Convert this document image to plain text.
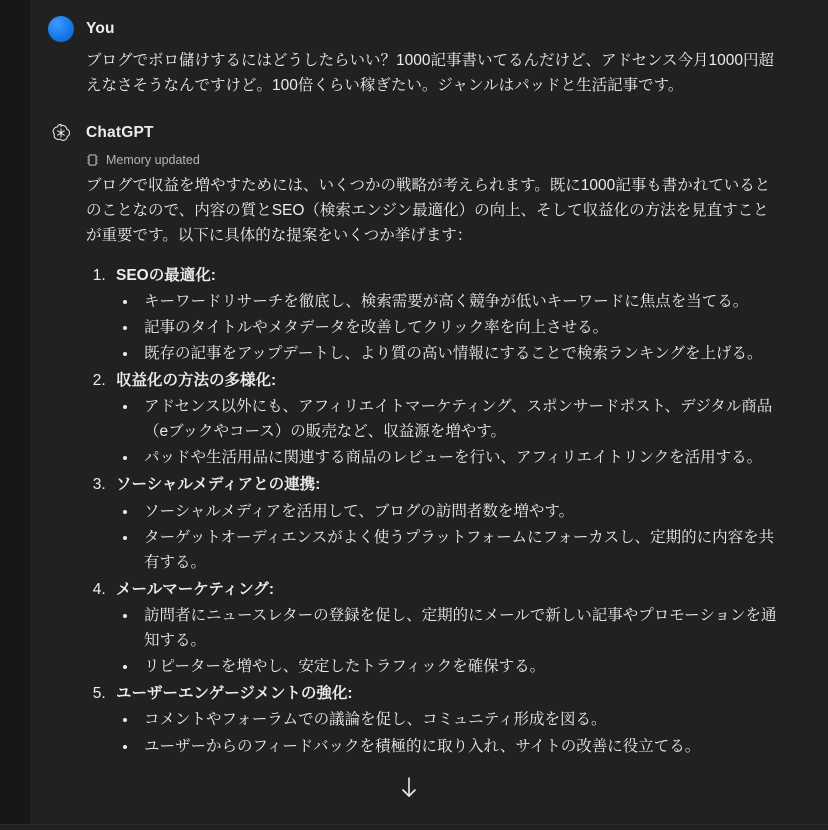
You
ブログでボロ儲けするにはどうしたらいい？1000記事書いてるんだけど、アドセンス今月1000円超えなさそうなんですけど。100倍くらい稼ぎたい。ジャンルはパッドと生活記事です。
ChatGPT
Memory updated

ブログで収益を増やすためには、いくつかの戦略が考えられます。既に1000記事も書かれているとのことなので、内容の質とSEO（検索エンジン最適化）の向上、そして収益化の方法を見直すことが重要です。以下に具体的な提案をいくつか挙げます：

1. SEOの最適化:
• キーワードリサーチを徹底し、検索需要が高く競争が低いキーワードに焦点を当てる。
• 記事のタイトルやメタデータを改善してクリック率を向上させる。
• 既存の記事をアップデートし、より質の高い情報にすることで検索ランキングを上げる。
2. 収益化の方法の多様化:
• アドセンス以外にも、アフィリエイトマーケティング、スポンサードポスト、デジタル商品（eブックやコース）の販売など、収益源を増やす。
• パッドや生活用品に関連する商品のレビューを行い、アフィリエイトリンクを活用する。
3. ソーシャルメディアとの連携:
• ソーシャルメディアを活用して、ブログの訪問者数を増やす。
• ターゲットオーディエンスがよく使うプラットフォームにフォーカスし、定期的に内容を共有する。
4. メールマーケティング:
• 訪問者にニュースレターの登録を促し、定期的にメールで新しい記事やプロモーションを通知する。
• リピーターを増やし、安定したトラフィックを確保する。
5. ユーザーエンゲージメントの強化:
• コメントやフォーラムでの議論を促し、コミュニティ形成を図る。
• ユーザーからのフィードバックを積極的に取り入れ、サイトの改善に役立てる。
